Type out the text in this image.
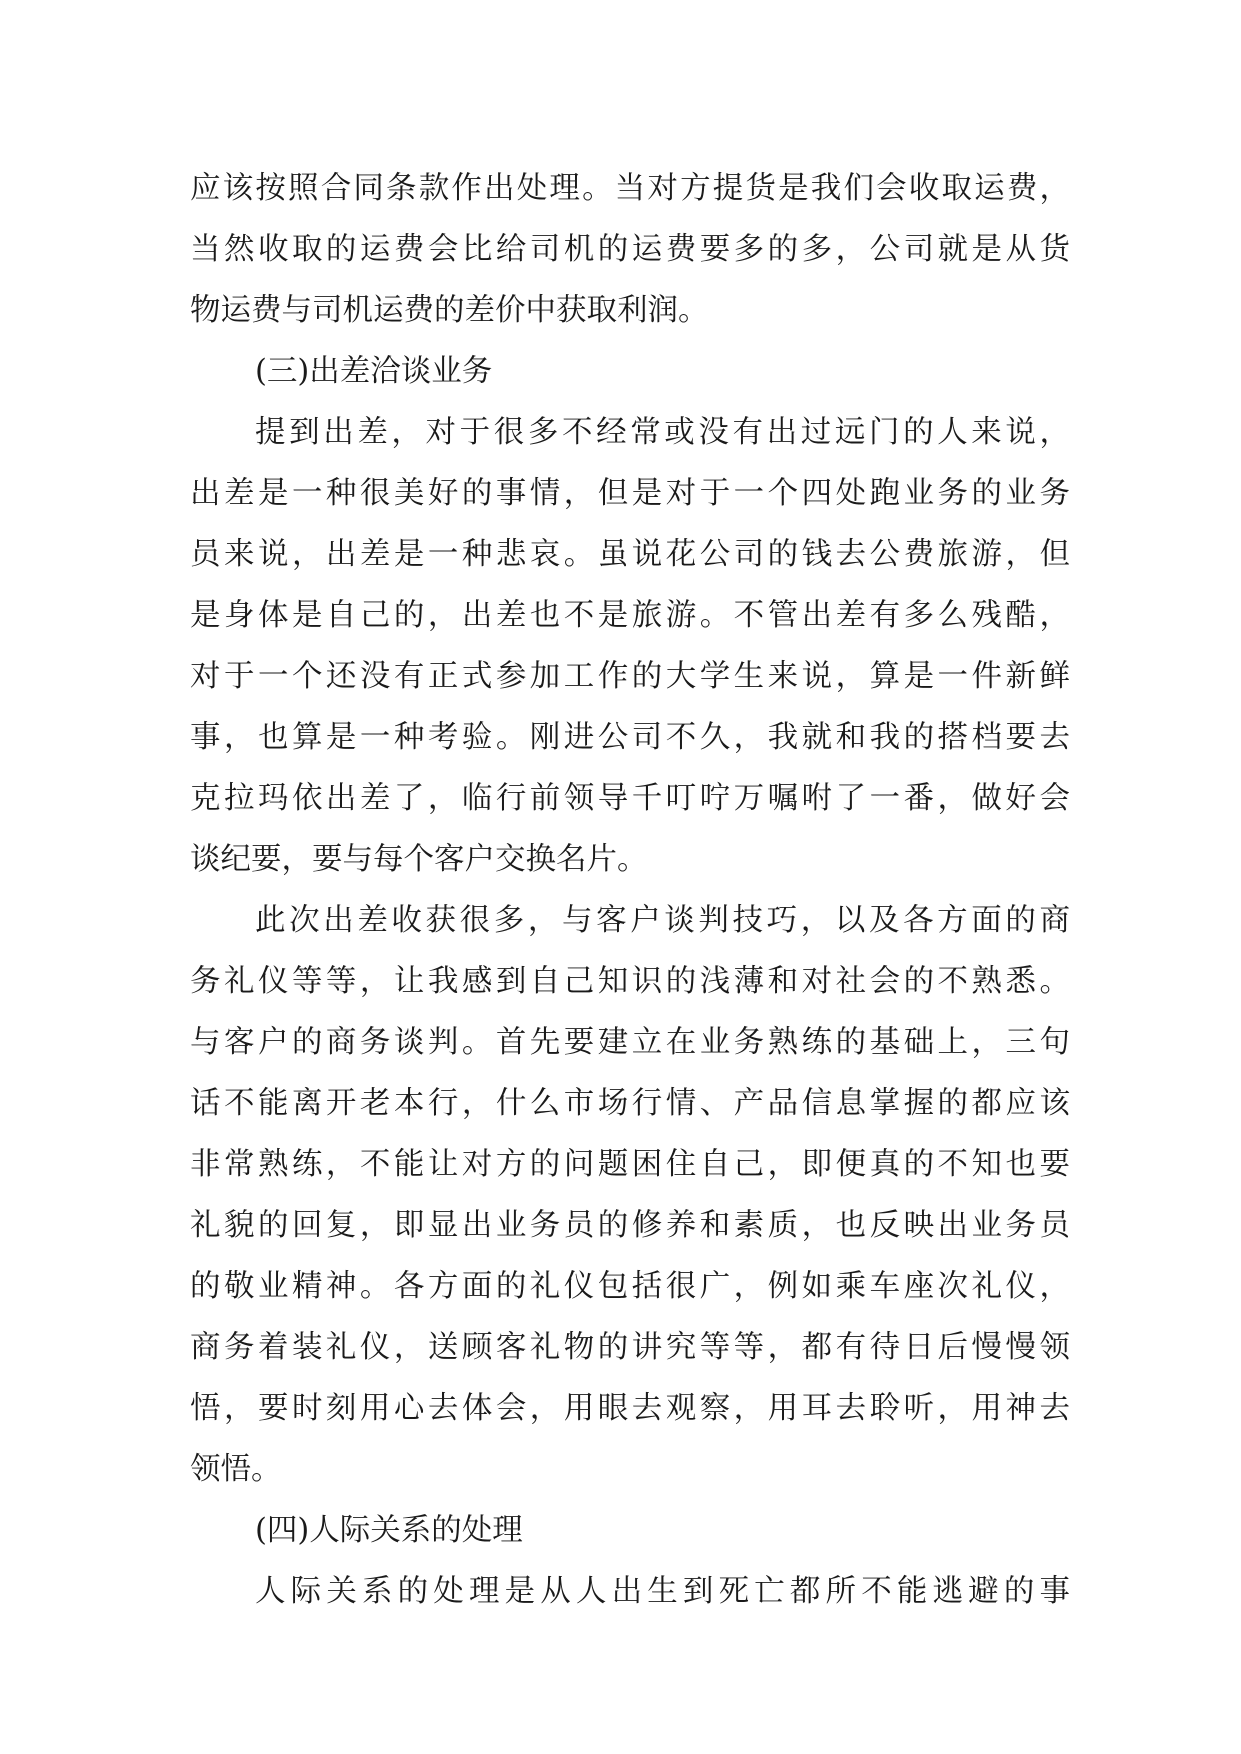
应该按照合同条款作出处理。当对方提货是我们会收取运费，
当然收取的运费会比给司机的运费要多的多，公司就是从货
物运费与司机运费的差价中获取利润。
(三)出差洽谈业务
提到出差，对于很多不经常或没有出过远门的人来说，
出差是一种很美好的事情，但是对于一个四处跑业务的业务
员来说，出差是一种悲哀。虽说花公司的钱去公费旅游，但
是身体是自己的，出差也不是旅游。不管出差有多么残酷，
对于一个还没有正式参加工作的大学生来说，算是一件新鲜
事，也算是一种考验。刚进公司不久，我就和我的搭档要去
克拉玛依出差了，临行前领导千叮咛万嘱咐了一番，做好会
谈纪要，要与每个客户交换名片。
此次出差收获很多，与客户谈判技巧，以及各方面的商
务礼仪等等，让我感到自己知识的浅薄和对社会的不熟悉。
与客户的商务谈判。首先要建立在业务熟练的基础上，三句
话不能离开老本行，什么市场行情、产品信息掌握的都应该
非常熟练，不能让对方的问题困住自己，即便真的不知也要
礼貌的回复，即显出业务员的修养和素质，也反映出业务员
的敬业精神。各方面的礼仪包括很广，例如乘车座次礼仪，
商务着装礼仪，送顾客礼物的讲究等等，都有待日后慢慢领
悟，要时刻用心去体会，用眼去观察，用耳去聆听，用神去
领悟。
(四)人际关系的处理
人际关系的处理是从人出生到死亡都所不能逃避的事
